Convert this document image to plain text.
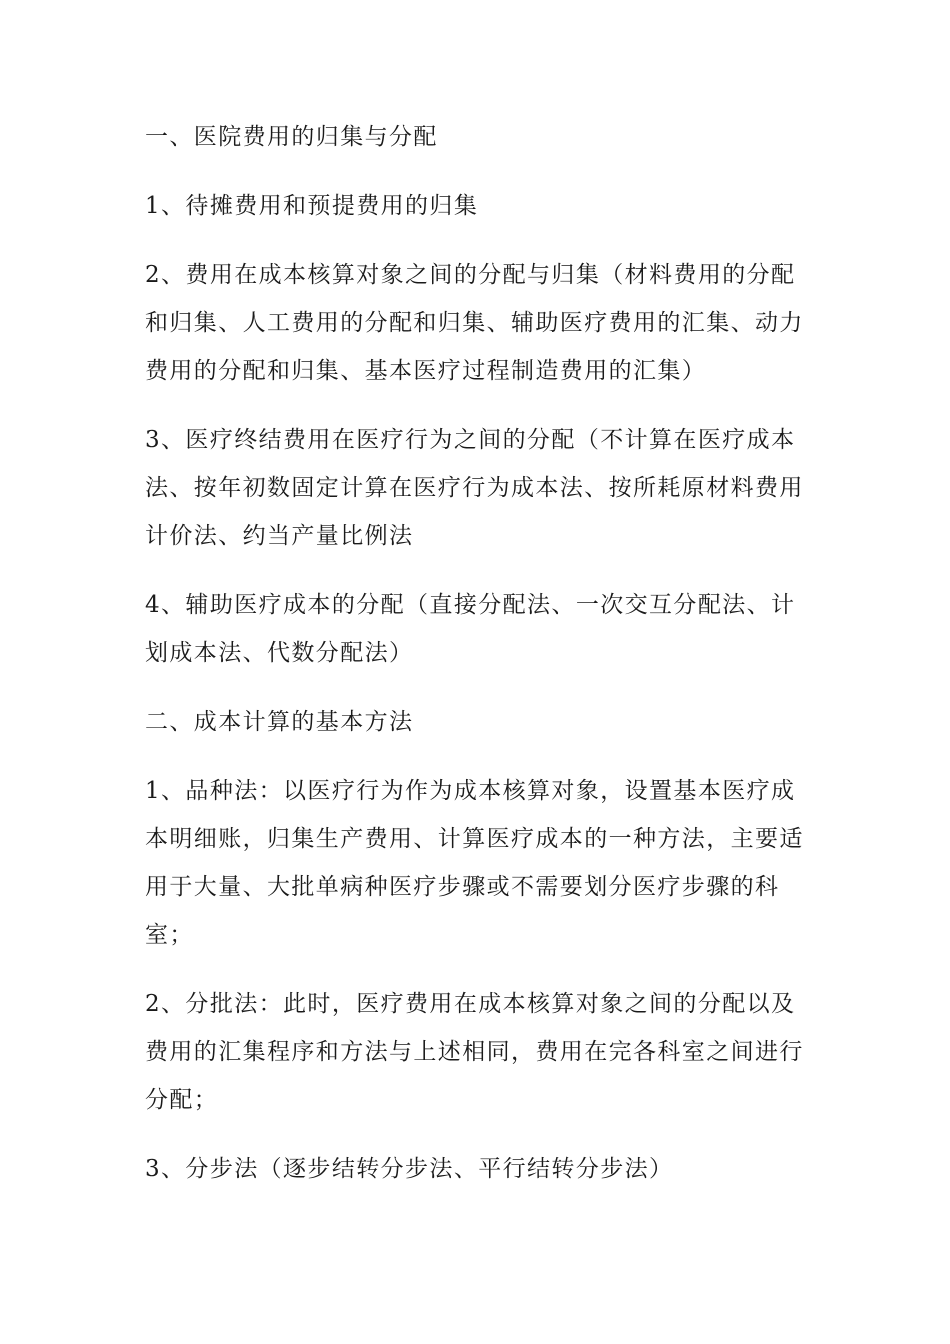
一、医院费用的归集与分配

1、待摊费用和预提费用的归集

2、费用在成本核算对象之间的分配与归集（材料费用的分配和归集、人工费用的分配和归集、辅助医疗费用的汇集、动力费用的分配和归集、基本医疗过程制造费用的汇集）

3、医疗终结费用在医疗行为之间的分配（不计算在医疗成本法、按年初数固定计算在医疗行为成本法、按所耗原材料费用计价法、约当产量比例法

4、辅助医疗成本的分配（直接分配法、一次交互分配法、计划成本法、代数分配法）

二、成本计算的基本方法

1、品种法：以医疗行为作为成本核算对象，设置基本医疗成本明细账，归集生产费用、计算医疗成本的一种方法，主要适用于大量、大批单病种医疗步骤或不需要划分医疗步骤的科室；

2、分批法：此时，医疗费用在成本核算对象之间的分配以及费用的汇集程序和方法与上述相同，费用在完各科室之间进行分配；

3、分步法（逐步结转分步法、平行结转分步法）
